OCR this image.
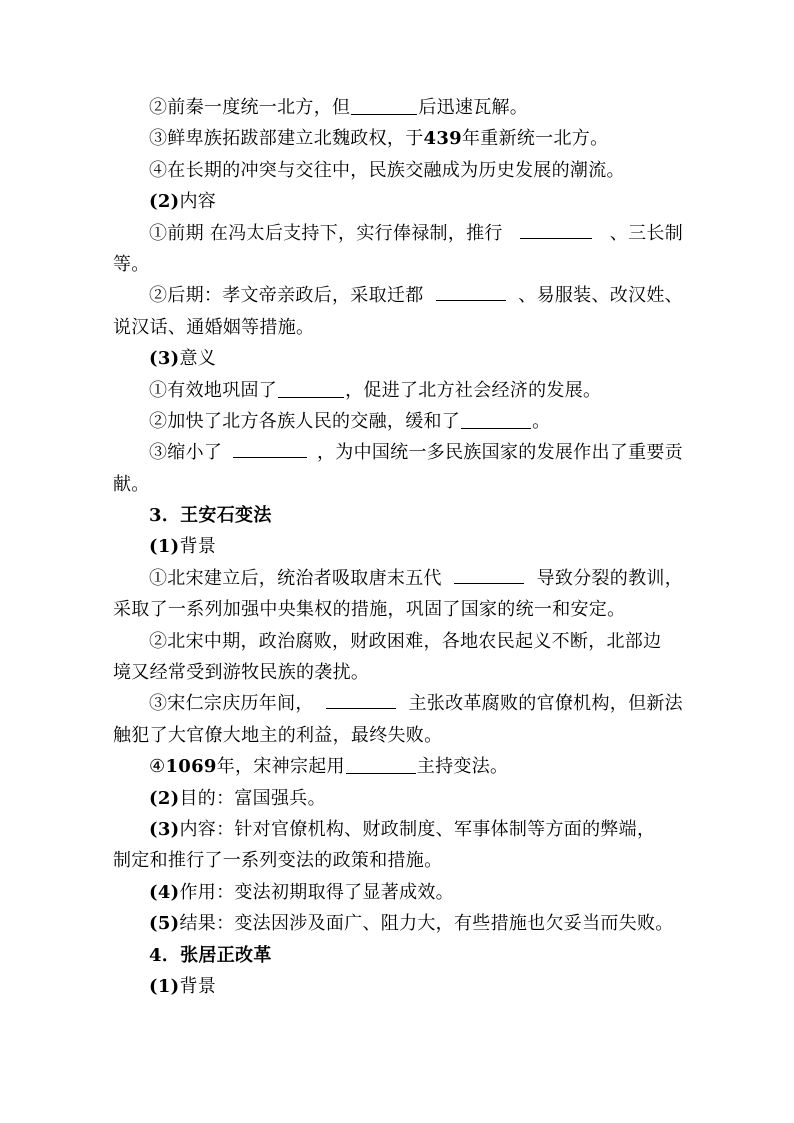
②前秦一度统一北方，但	后迅速瓦解。
③鲜卑族拓跋部建立北魏政权，于439年重新统一北方。
④在长期的冲突与交往中，民族交融成为历史发展的潮流。
(2)内容
①前期 在冯太后支持下，实行俸禄制，推行	、三长制
等。
②后期：孝文帝亲政后，采取迁都	、易服装、改汉姓、
说汉话、通婚姻等措施。
(3)意义
①有效地巩固了	，促进了北方社会经济的发展。
②加快了北方各族人民的交融，缓和了	。
③缩小了	，为中国统一多民族国家的发展作出了重要贡
献。
3．王安石变法
(1)背景
①北宋建立后，统治者吸取唐末五代	导致分裂的教训，
采取了一系列加强中央集权的措施，巩固了国家的统一和安定。
②北宋中期，政治腐败，财政困难，各地农民起义不断，北部边
境又经常受到游牧民族的袭扰。
③宋仁宗庆历年间，	主张改革腐败的官僚机构，但新法
触犯了大官僚大地主的利益，最终失败。
④1069年，宋神宗起用	主持变法。
(2)目的：富国强兵。
(3)内容：针对官僚机构、财政制度、军事体制等方面的弊端，
制定和推行了一系列变法的政策和措施。
(4)作用：变法初期取得了显著成效。
(5)结果：变法因涉及面广、阻力大，有些措施也欠妥当而失败。
4．张居正改革
(1)背景
